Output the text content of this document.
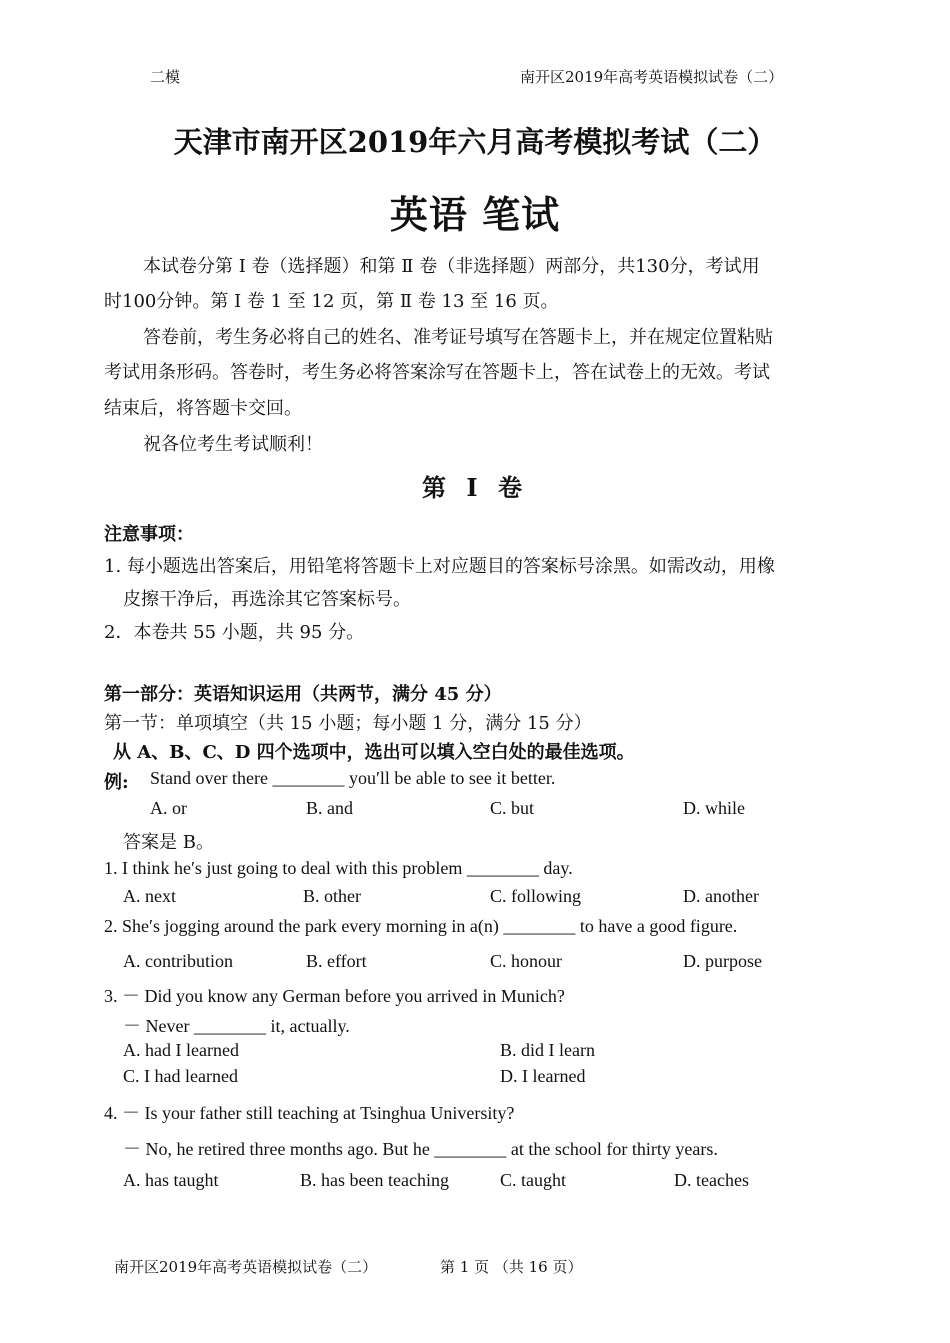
二模	南开区2019年高考英语模拟试卷（二）
天津市南开区2019年六月高考模拟考试（二）
英语 笔试
本试卷分第 Ⅰ 卷（选择题）和第 Ⅱ 卷（非选择题）两部分，共130分，考试用
时100分钟。第 Ⅰ 卷 1 至 12 页，第 Ⅱ 卷 13 至 16 页。
答卷前，考生务必将自己的姓名、准考证号填写在答题卡上，并在规定位置粘贴
考试用条形码。答卷时，考生务必将答案涂写在答题卡上，答在试卷上的无效。考试
结束后，将答题卡交回。
祝各位考生考试顺利！
第 Ⅰ 卷
注意事项：
1. 每小题选出答案后，用铅笔将答题卡上对应题目的答案标号涂黑。如需改动，用橡
皮擦干净后，再选涂其它答案标号。
2．本卷共 55 小题，共 95 分。
第一部分：英语知识运用（共两节，满分 45 分）
第一节：单项填空（共 15 小题；每小题 1 分，满分 15 分）
从 A、B、C、D 四个选项中，选出可以填入空白处的最佳选项。
例: Stand over there ________ you′ll be able to see it better.
A. or	B. and	C. but	D. while
答案是 B。
1. I think he′s just going to deal with this problem ________ day.
A. next	B. other	C. following	D. another
2. She′s jogging around the park every morning in a(n) ________ to have a good figure.
A. contribution	B. effort	C. honour	D. purpose
3. － Did you know any German before you arrived in Munich?
－ Never ________ it, actually.
A. had I learned	B. did I learn
C. I had learned	D. I learned
4. － Is your father still teaching at Tsinghua University?
－ No, he retired three months ago. But he ________ at the school for thirty years.
A. has taught	B. has been teaching	C. taught	D. teaches
南开区2019年高考英语模拟试卷（二）	第 1 页 （共 16 页）
